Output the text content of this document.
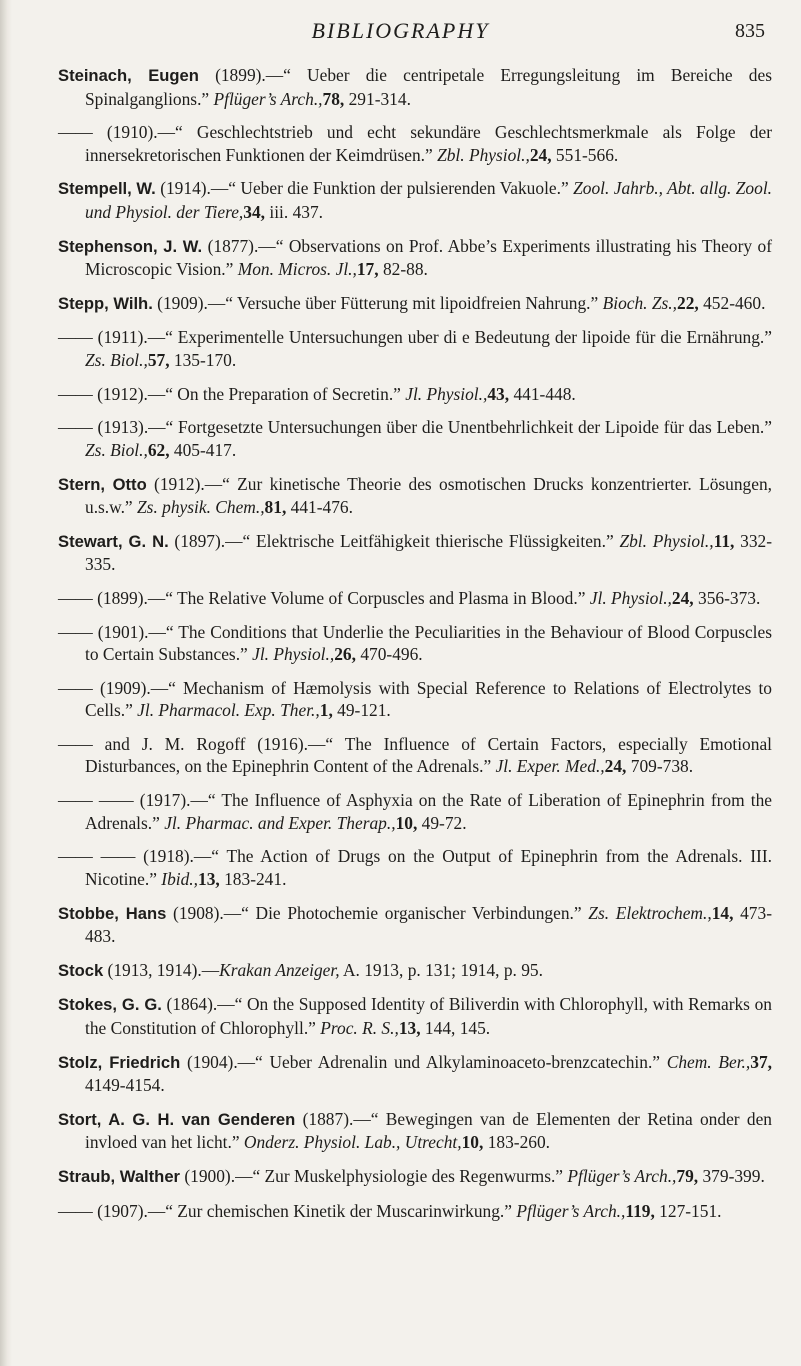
BIBLIOGRAPHY	835

Steinach, Eugen (1899).—“ Ueber die centripetale Erregungsleitung im Bereiche des Spinalganglions.” Pflüger’s Arch.,78, 291-314.

—— (1910).—“ Geschlechtstrieb und echt sekundäre Geschlechtsmerkmale als Folge der innersekretorischen Funktionen der Keimdrüsen.” Zbl. Physiol.,24, 551-566.

Stempell, W. (1914).—“ Ueber die Funktion der pulsierenden Vakuole.” Zool. Jahrb., Abt. allg. Zool. und Physiol. der Tiere,34, iii. 437.

Stephenson, J. W. (1877).—“ Observations on Prof. Abbe’s Experiments illustrating his Theory of Microscopic Vision.” Mon. Micros. Jl.,17, 82-88.

Stepp, Wilh. (1909).—“ Versuche über Fütterung mit lipoidfreien Nahrung.” Bioch. Zs.,22, 452-460.

—— (1911).—“ Experimentelle Untersuchungen uber di e Bedeutung der lipoide für die Ernährung.” Zs. Biol.,57, 135-170.

—— (1912).—“ On the Preparation of Secretin.” Jl. Physiol.,43, 441-448.

—— (1913).—“ Fortgesetzte Untersuchungen über die Unentbehrlichkeit der Lipoide für das Leben.” Zs. Biol.,62, 405-417.

Stern, Otto (1912).—“ Zur kinetische Theorie des osmotischen Drucks konzentrierter. Lösungen, u.s.w.” Zs. physik. Chem.,81, 441-476.

Stewart, G. N. (1897).—“ Elektrische Leitfähigkeit thierische Flüssigkeiten.” Zbl. Physiol.,11, 332-335.

—— (1899).—“ The Relative Volume of Corpuscles and Plasma in Blood.” Jl. Physiol.,24, 356-373.

—— (1901).—“ The Conditions that Underlie the Peculiarities in the Behaviour of Blood Corpuscles to Certain Substances.” Jl. Physiol.,26, 470-496.

—— (1909).—“ Mechanism of Hæmolysis with Special Reference to Relations of Electrolytes to Cells.” Jl. Pharmacol. Exp. Ther.,1, 49-121.

—— and J. M. Rogoff (1916).—“ The Influence of Certain Factors, especially Emotional Disturbances, on the Epinephrin Content of the Adrenals.” Jl. Exper. Med.,24, 709-738.

—— —— (1917).—“ The Influence of Asphyxia on the Rate of Liberation of Epinephrin from the Adrenals.” Jl. Pharmac. and Exper. Therap.,10, 49-72.

—— —— (1918).—“ The Action of Drugs on the Output of Epinephrin from the Adrenals. III. Nicotine.” Ibid.,13, 183-241.

Stobbe, Hans (1908).—“ Die Photochemie organischer Verbindungen.” Zs. Elektrochem.,14, 473-483.

Stock (1913, 1914).—Krakan Anzeiger, A. 1913, p. 131; 1914, p. 95.

Stokes, G. G. (1864).—“ On the Supposed Identity of Biliverdin with Chlorophyll, with Remarks on the Constitution of Chlorophyll.” Proc. R. S.,13, 144, 145.

Stolz, Friedrich (1904).—“ Ueber Adrenalin und Alkylaminoaceto-brenzcatechin.” Chem. Ber.,37, 4149-4154.

Stort, A. G. H. van Genderen (1887).—“ Bewegingen van de Elementen der Retina onder den invloed van het licht.” Onderz. Physiol. Lab., Utrecht,10, 183-260.

Straub, Walther (1900).—“ Zur Muskelphysiologie des Regenwurms.” Pflüger’s Arch.,79, 379-399.

—— (1907).—“ Zur chemischen Kinetik der Muscarinwirkung.” Pflüger’s Arch.,119, 127-151.
